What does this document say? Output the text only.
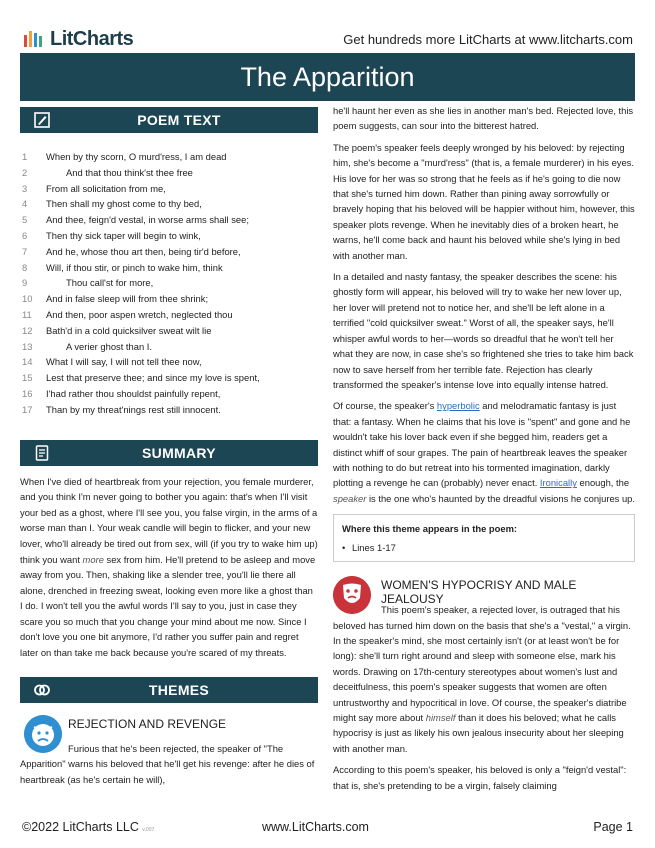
LitCharts	Get hundreds more LitCharts at www.litcharts.com
The Apparition
POEM TEXT
1	When by thy scorn, O murd'ress, I am dead
2	And that thou think'st thee free
3	From all solicitation from me,
4	Then shall my ghost come to thy bed,
5	And thee, feign'd vestal, in worse arms shall see;
6	Then thy sick taper will begin to wink,
7	And he, whose thou art then, being tir'd before,
8	Will, if thou stir, or pinch to wake him, think
9	Thou call'st for more,
10	And in false sleep will from thee shrink;
11	And then, poor aspen wretch, neglected thou
12	Bath'd in a cold quicksilver sweat wilt lie
13	A verier ghost than I.
14	What I will say, I will not tell thee now,
15	Lest that preserve thee; and since my love is spent,
16	I'had rather thou shouldst painfully repent,
17	Than by my threat'nings rest still innocent.
SUMMARY
When I've died of heartbreak from your rejection, you female murderer, and you think I'm never going to bother you again: that's when I'll visit your bed as a ghost, where I'll see you, you false virgin, in the arms of a worse man than I. Your weak candle will begin to flicker, and your new lover, who'll already be tired out from sex, will (if you try to wake him up) think you want more sex from him. He'll pretend to be asleep and move away from you. Then, shaking like a slender tree, you'll lie there all alone, drenched in freezing sweat, looking even more like a ghost than I do. I won't tell you the awful words I'll say to you, just in case they scare you so much that you change your mind about me now. Since I don't love you one bit anymore, I'd rather you suffer pain and regret later on than take me back because you're scared of my threats.
THEMES
REJECTION AND REVENGE
Furious that he's been rejected, the speaker of "The Apparition" warns his beloved that he'll get his revenge: after he dies of heartbreak (as he's certain he will),

he'll haunt her even as she lies in another man's bed. Rejected love, this poem suggests, can sour into the bitterest hatred.

The poem's speaker feels deeply wronged by his beloved: by rejecting him, she's become a "murd'ress" (that is, a female murderer) in his eyes. His love for her was so strong that he feels as if he's going to die now that she's turned him down. Rather than pining away sorrowfully or bravely hoping that his beloved will be happier without him, however, this speaker plots revenge. When he inevitably dies of a broken heart, he warns, he'll come back and haunt his beloved while she's lying in bed with another man.

In a detailed and nasty fantasy, the speaker describes the scene: his ghostly form will appear, his beloved will try to wake her new lover up, her lover will pretend not to notice her, and she'll be left alone in a terrified "cold quicksilver sweat." Worst of all, the speaker says, he'll whisper awful words to her—words so dreadful that he won't tell her what they are now, in case she's so frightened she tries to take him back now to save herself from her terrible fate. Rejection has clearly transformed the speaker's intense love into equally intense hatred.

Of course, the speaker's hyperbolic and melodramatic fantasy is just that: a fantasy. When he claims that his love is "spent" and gone and he wouldn't take his lover back even if she begged him, readers get a distinct whiff of sour grapes. The pain of heartbreak leaves the speaker with nothing to do but retreat into his tormented imagination, darkly plotting a revenge he can (probably) never enact. Ironically enough, the speaker is the one who's haunted by the dreadful visions he conjures up.

Where this theme appears in the poem:
• Lines 1-17
WOMEN'S HYPOCRISY AND MALE
JEALOUSY

This poem's speaker, a rejected lover, is outraged that his beloved has turned him down on the basis that she's a "vestal," a virgin. In the speaker's mind, she most certainly isn't (or at least won't be for long): she'll turn right around and sleep with someone else, mark his words. Drawing on 17th-century stereotypes about women's lust and deceitfulness, this poem's speaker suggests that women are often untrustworthy and hypocritical in love. Of course, the speaker's diatribe might say more about himself than it does his beloved; what he calls hypocrisy is just as likely his own jealous insecurity about her sleeping with another man.

According to this poem's speaker, his beloved is only a "feign'd vestal": that is, she's pretending to be a virgin, falsely claiming

©2022 LitCharts LLC v.007	www.LitCharts.com	Page 1
